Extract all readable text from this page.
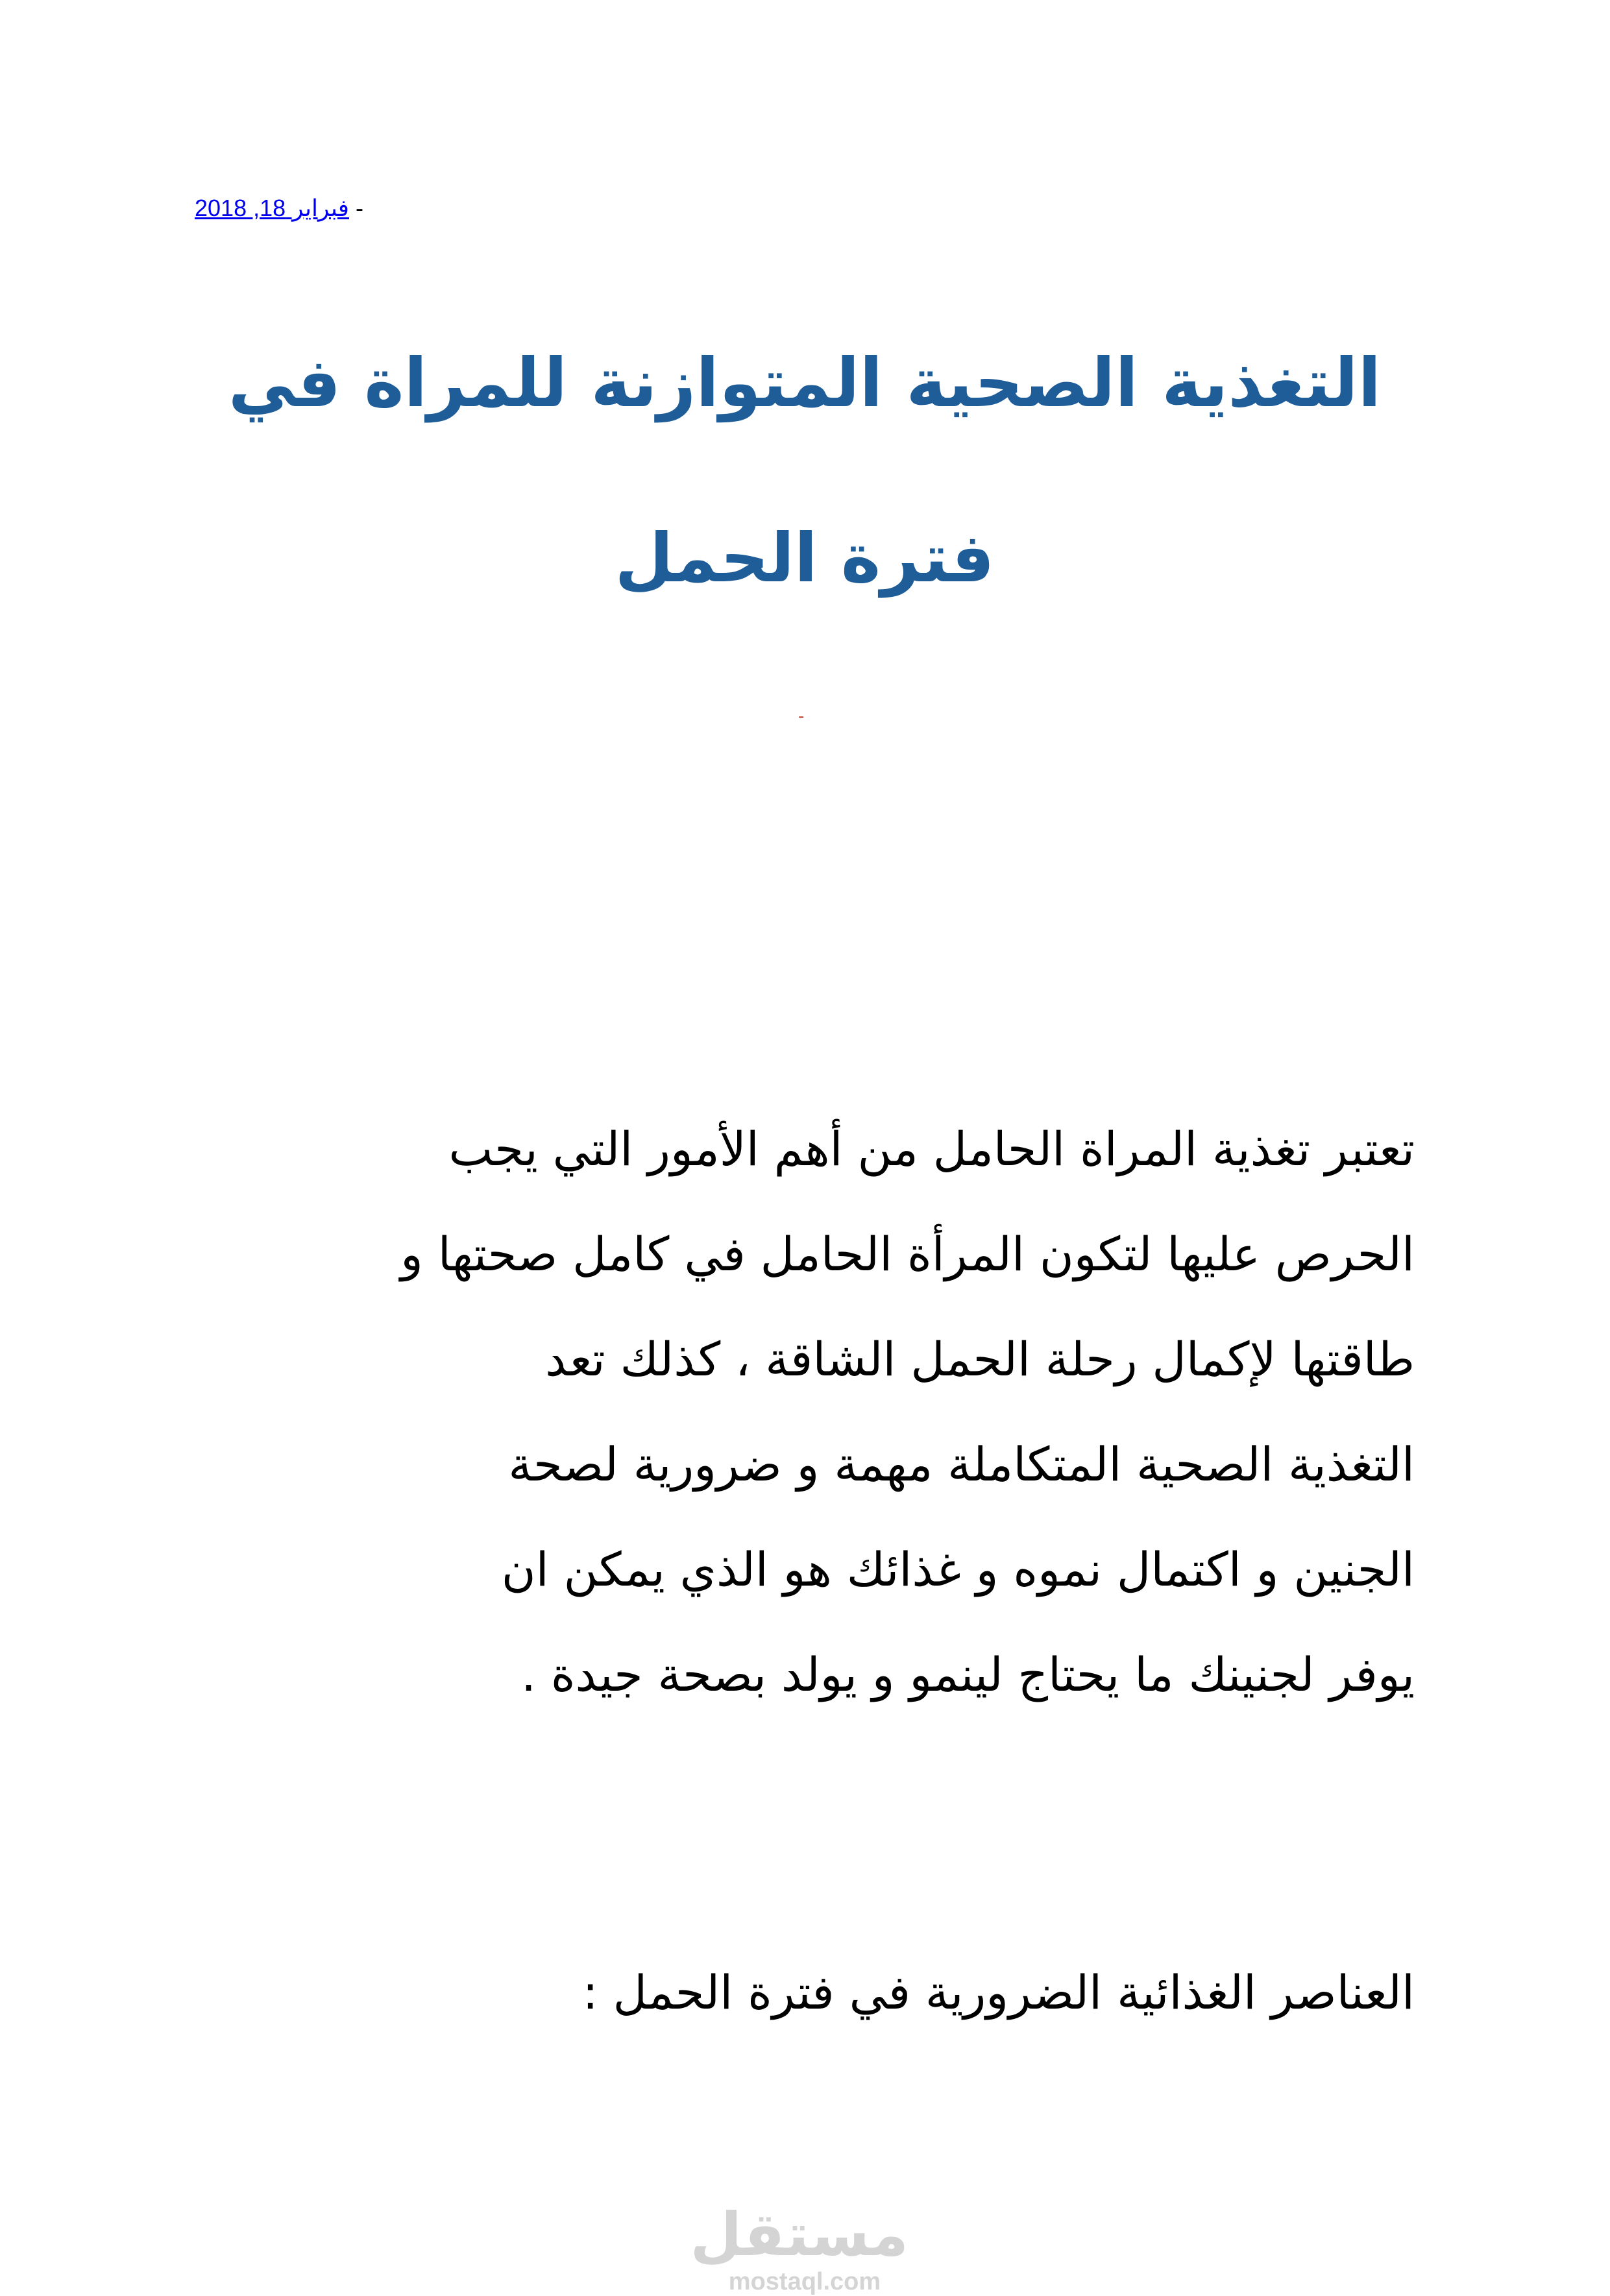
فبراير 18, 2018 -
التغذية الصحية المتوازنة للمراة في
فترة الحمل
-

تعتبر تغذية المراة الحامل من أهم الأمور التي يجب
الحرص عليها لتكون المرأة الحامل في كامل صحتها و
طاقتها لإكمال رحلة الحمل الشاقة ، كذلك تعد
التغذية الصحية المتكاملة مهمة و ضرورية لصحة
الجنين و اكتمال نموه و غذائك هو الذي يمكن ان
يوفر لجنينك ما يحتاج لينمو و يولد بصحة جيدة .

العناصر الغذائية الضرورية في فترة الحمل :
مستقل
mostaql.com
